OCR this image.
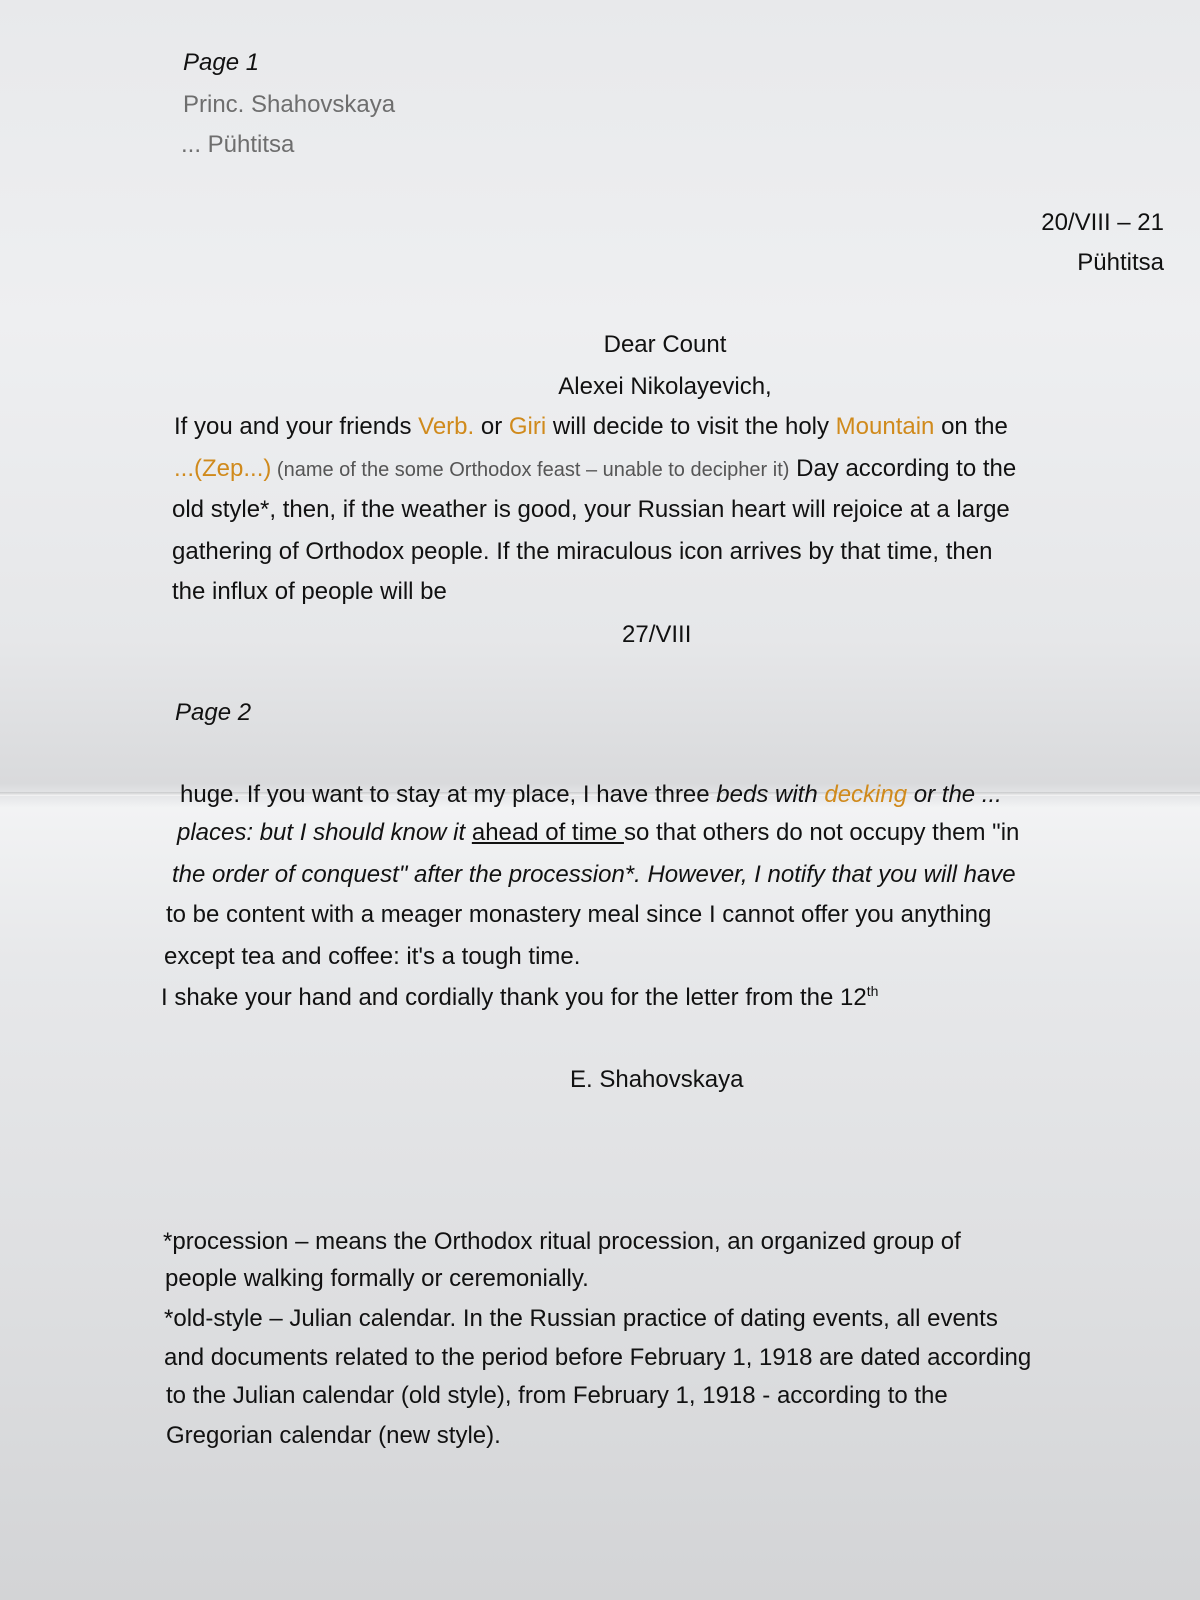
Page 1
Princ. Shahovskaya
... Pühtitsa
20/VIII – 21
Pühtitsa
Dear Count
Alexei Nikolayevich,
If you and your friends Verb. or Giri will decide to visit the holy Mountain on the
...(Zep...) (name of the some Orthodox feast – unable to decipher it) Day according to the
old style*, then, if the weather is good, your Russian heart will rejoice at a large
gathering of Orthodox people. If the miraculous icon arrives by that time, then
the influx of people will be
27/VIII
Page 2
huge. If you want to stay at my place, I have three beds with decking or the ...
places: but I should know it ahead of time so that others do not occupy them "in
the order of conquest" after the procession*. However, I notify that you will have
to be content with a meager monastery meal since I cannot offer you anything
except tea and coffee: it's a tough time.
I shake your hand and cordially thank you for the letter from the 12th
E. Shahovskaya
*procession – means the Orthodox ritual procession, an organized group of
people walking formally or ceremonially.
*old-style – Julian calendar. In the Russian practice of dating events, all events
and documents related to the period before February 1, 1918 are dated according
to the Julian calendar (old style), from February 1, 1918 - according to the
Gregorian calendar (new style).
